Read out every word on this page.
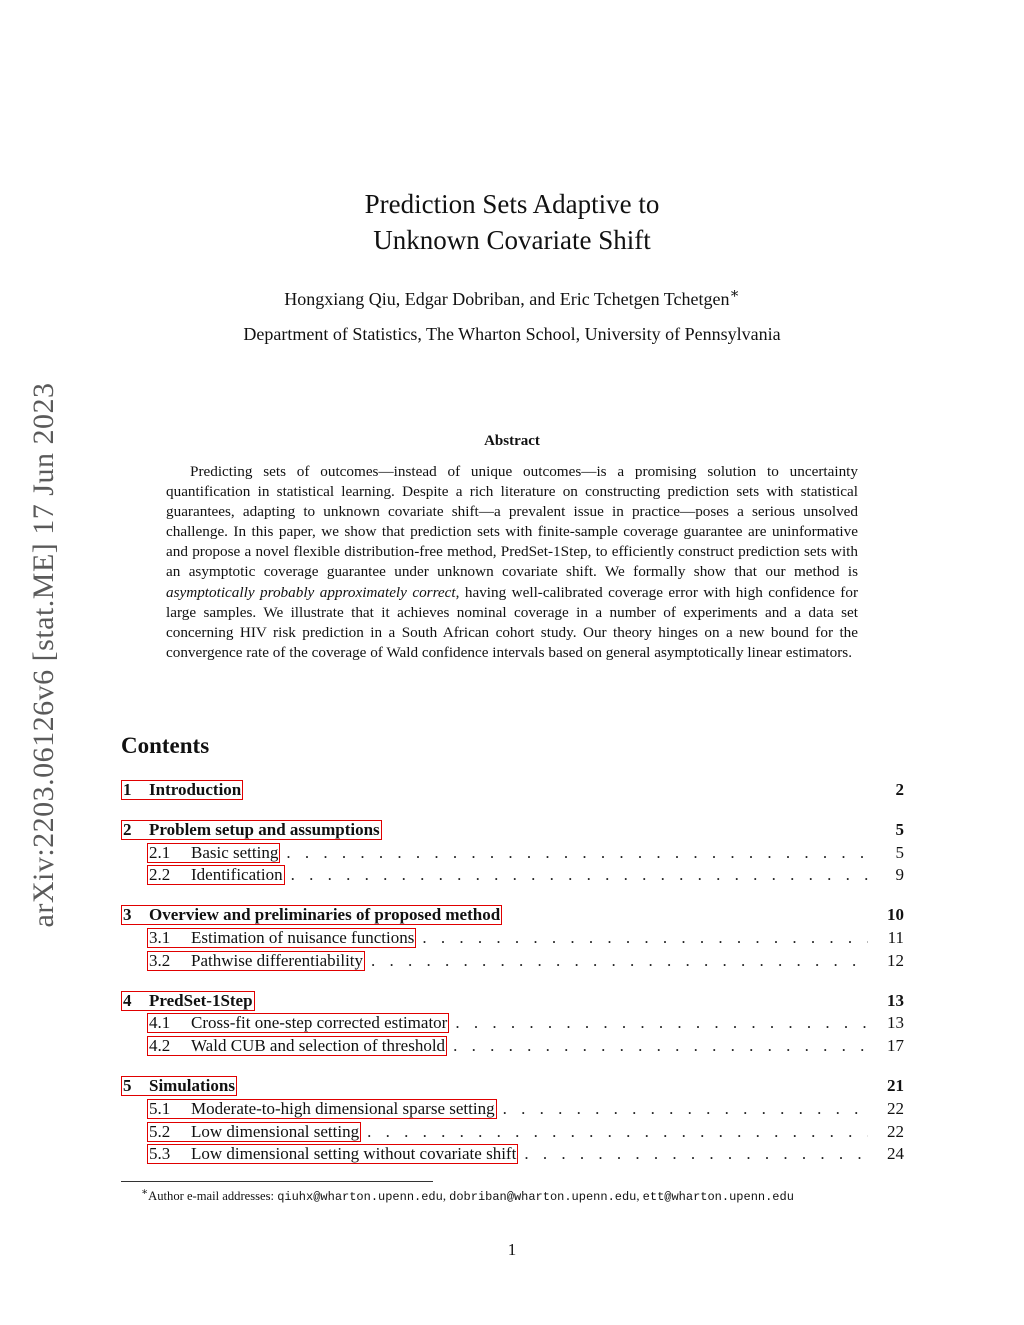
arXiv:2203.06126v6 [stat.ME] 17 Jun 2023
Prediction Sets Adaptive to
Unknown Covariate Shift
Hongxiang Qiu, Edgar Dobriban, and Eric Tchetgen Tchetgen∗
Department of Statistics, The Wharton School, University of Pennsylvania
Abstract
Predicting sets of outcomes—instead of unique outcomes—is a promising solution to uncertainty quantification in statistical learning. Despite a rich literature on constructing prediction sets with statistical guarantees, adapting to unknown covariate shift—a prevalent issue in practice—poses a serious unsolved challenge. In this paper, we show that prediction sets with finite-sample coverage guarantee are uninformative and propose a novel flexible distribution-free method, PredSet-1Step, to efficiently construct prediction sets with an asymptotic coverage guarantee under unknown covariate shift. We formally show that our method is asymptotically probably approximately correct, having well-calibrated coverage error with high confidence for large samples. We illustrate that it achieves nominal coverage in a number of experiments and a data set concerning HIV risk prediction in a South African cohort study. Our theory hinges on a new bound for the convergence rate of the coverage of Wald confidence intervals based on general asymptotically linear estimators.
Contents
1 Introduction	2
2 Problem setup and assumptions	5
2.1 Basic setting . . .	5
2.2 Identification . . .	9
3 Overview and preliminaries of proposed method	10
3.1 Estimation of nuisance functions . . .	11
3.2 Pathwise differentiability . . .	12
4 PredSet-1Step	13
4.1 Cross-fit one-step corrected estimator . . .	13
4.2 Wald CUB and selection of threshold . . .	17
5 Simulations	21
5.1 Moderate-to-high dimensional sparse setting . . .	22
5.2 Low dimensional setting . . .	22
5.3 Low dimensional setting without covariate shift . . .	24
∗Author e-mail addresses: qiuhx@wharton.upenn.edu, dobriban@wharton.upenn.edu, ett@wharton.upenn.edu
1
